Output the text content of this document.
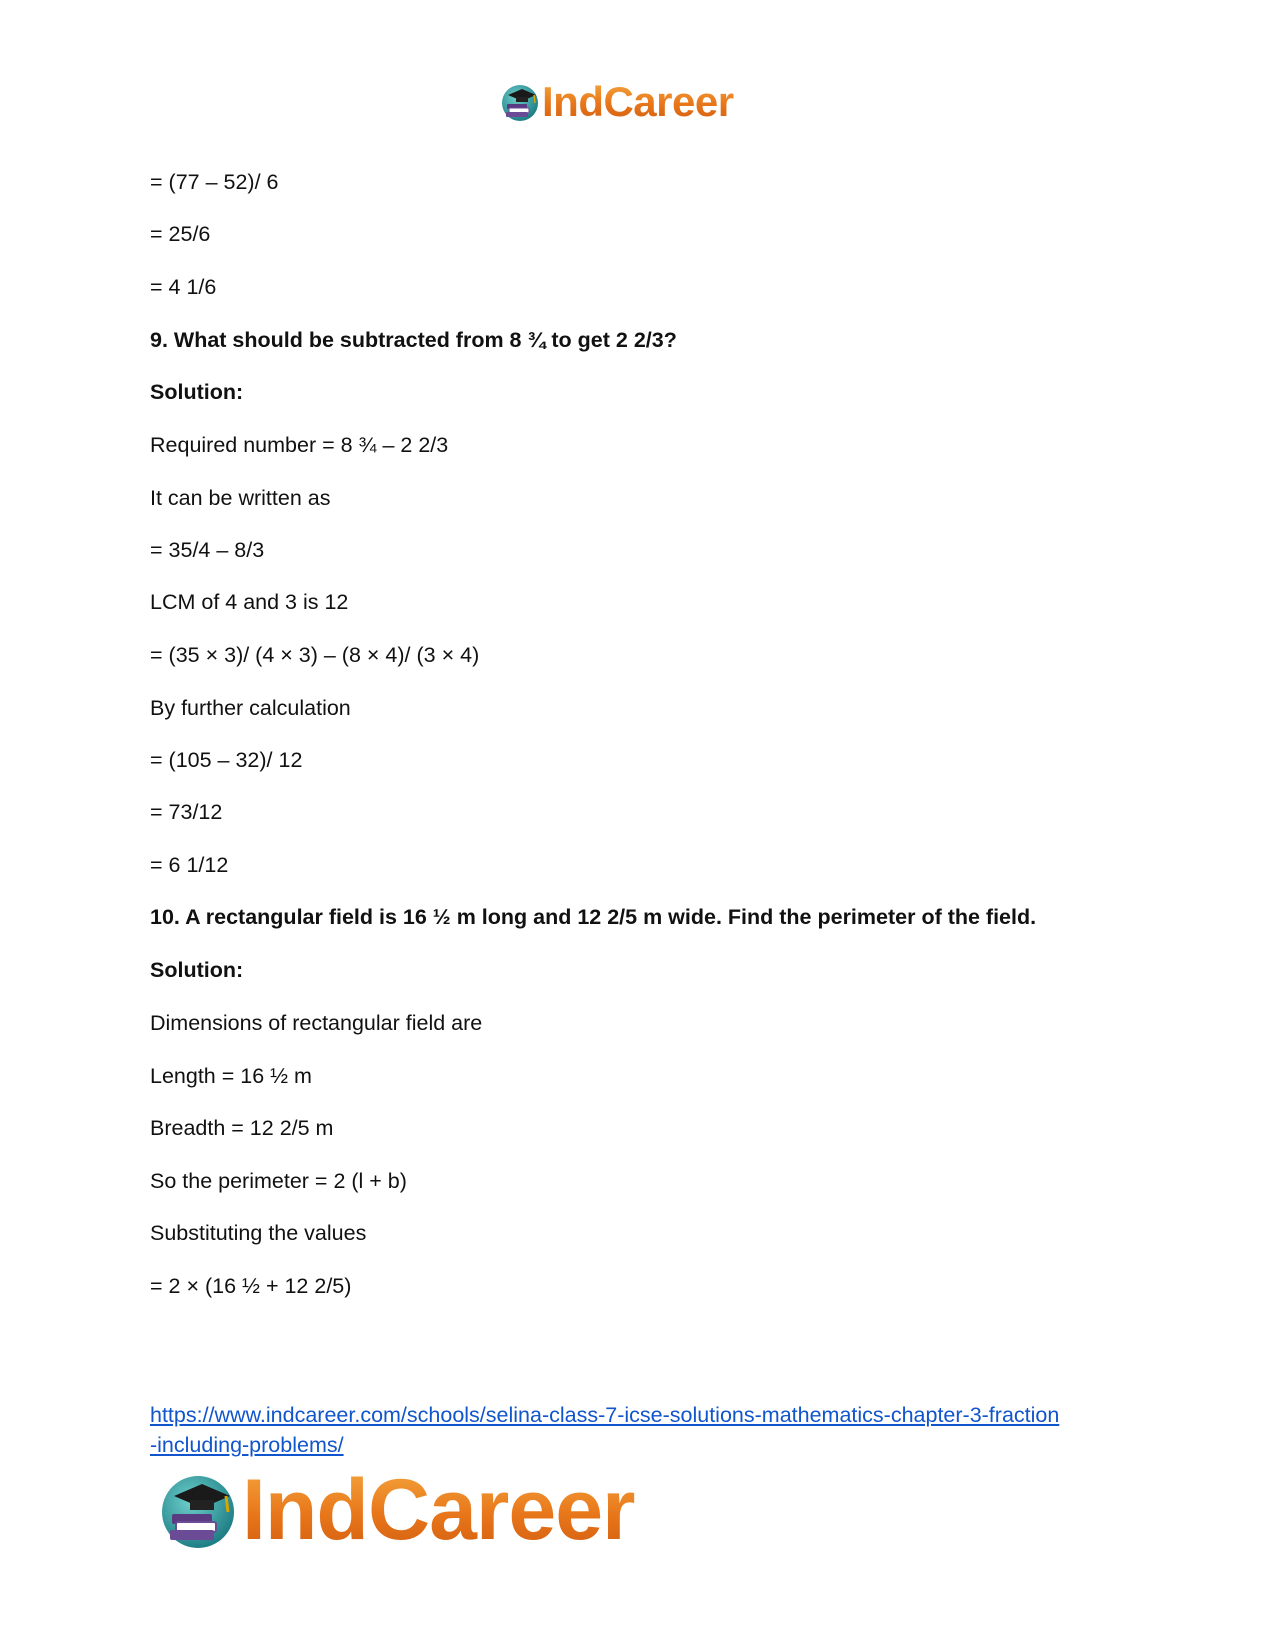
IndCareer
= (77 – 52)/ 6
= 25/6
= 4 1/6
9. What should be subtracted from 8 ¾ to get 2 2/3?
Solution:
Required number = 8 ¾ – 2 2/3
It can be written as
= 35/4 – 8/3
LCM of 4 and 3 is 12
= (35 × 3)/ (4 × 3) – (8 × 4)/ (3 × 4)
By further calculation
= (105 – 32)/ 12
= 73/12
= 6 1/12
10. A rectangular field is 16 ½ m long and 12 2/5 m wide. Find the perimeter of the field.
Solution:
Dimensions of rectangular field are
Length = 16 ½ m
Breadth = 12 2/5 m
So the perimeter = 2 (l + b)
Substituting the values
= 2 × (16 ½ + 12 2/5)
https://www.indcareer.com/schools/selina-class-7-icse-solutions-mathematics-chapter-3-fraction
-including-problems/
IndCareer
